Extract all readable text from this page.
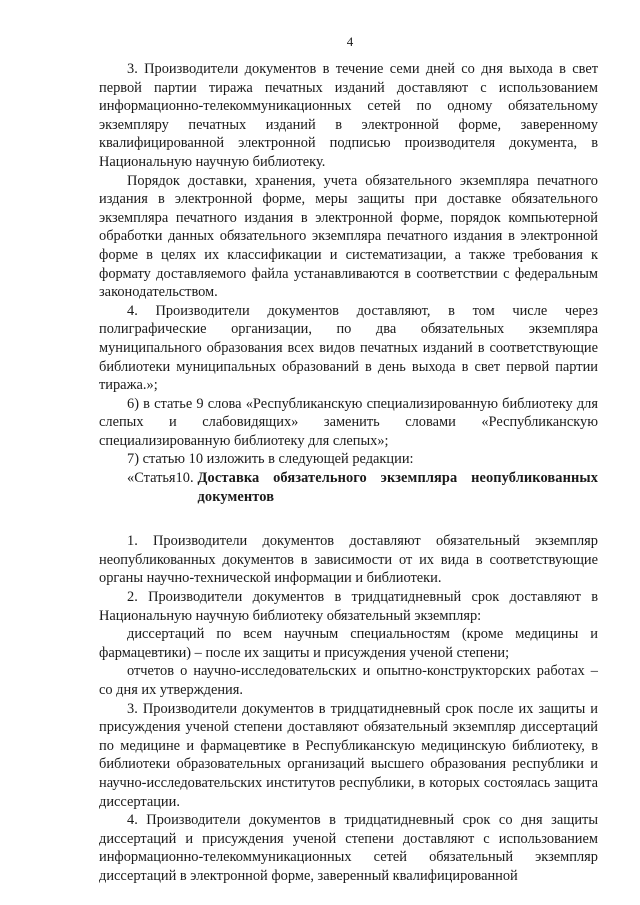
4

3. Производители документов в течение семи дней со дня выхода в свет первой партии тиража печатных изданий доставляют с использованием информационно-телекоммуникационных сетей по одному обязательному экземпляру печатных изданий в электронной форме, заверенному квалифицированной электронной подписью производителя документа, в Национальную научную библиотеку.

Порядок доставки, хранения, учета обязательного экземпляра печатного издания в электронной форме, меры защиты при доставке обязательного экземпляра печатного издания в электронной форме, порядок компьютерной обработки данных обязательного экземпляра печатного издания в электронной форме в целях их классификации и систематизации, а также требования к формату доставляемого файла устанавливаются в соответствии с федеральным законодательством.

4. Производители документов доставляют, в том числе через полиграфические организации, по два обязательных экземпляра муниципального образования всех видов печатных изданий в соответствующие библиотеки муниципальных образований в день выхода в свет первой партии тиража.»;

6) в статье 9 слова «Республиканскую специализированную библиотеку для слепых и слабовидящих» заменить словами «Республиканскую специализированную библиотеку для слепых»;

7) статью 10 изложить в следующей редакции:

«Статья10. Доставка обязательного экземпляра неопубликованных документов

1. Производители документов доставляют обязательный экземпляр неопубликованных документов в зависимости от их вида в соответствующие органы научно-технической информации и библиотеки.

2. Производители документов в тридцатидневный срок доставляют в Национальную научную библиотеку обязательный экземпляр:

диссертаций по всем научным специальностям (кроме медицины и фармацевтики) – после их защиты и присуждения ученой степени;

отчетов о научно-исследовательских и опытно-конструкторских работах – со дня их утверждения.

3. Производители документов в тридцатидневный срок после их защиты и присуждения ученой степени доставляют обязательный экземпляр диссертаций по медицине и фармацевтике в Республиканскую медицинскую библиотеку, в библиотеки образовательных организаций высшего образования республики и научно-исследовательских институтов республики, в которых состоялась защита диссертации.

4. Производители документов в тридцатидневный срок со дня защиты диссертаций и присуждения ученой степени доставляют с использованием информационно-телекоммуникационных сетей обязательный экземпляр диссертаций в электронной форме, заверенный квалифицированной
